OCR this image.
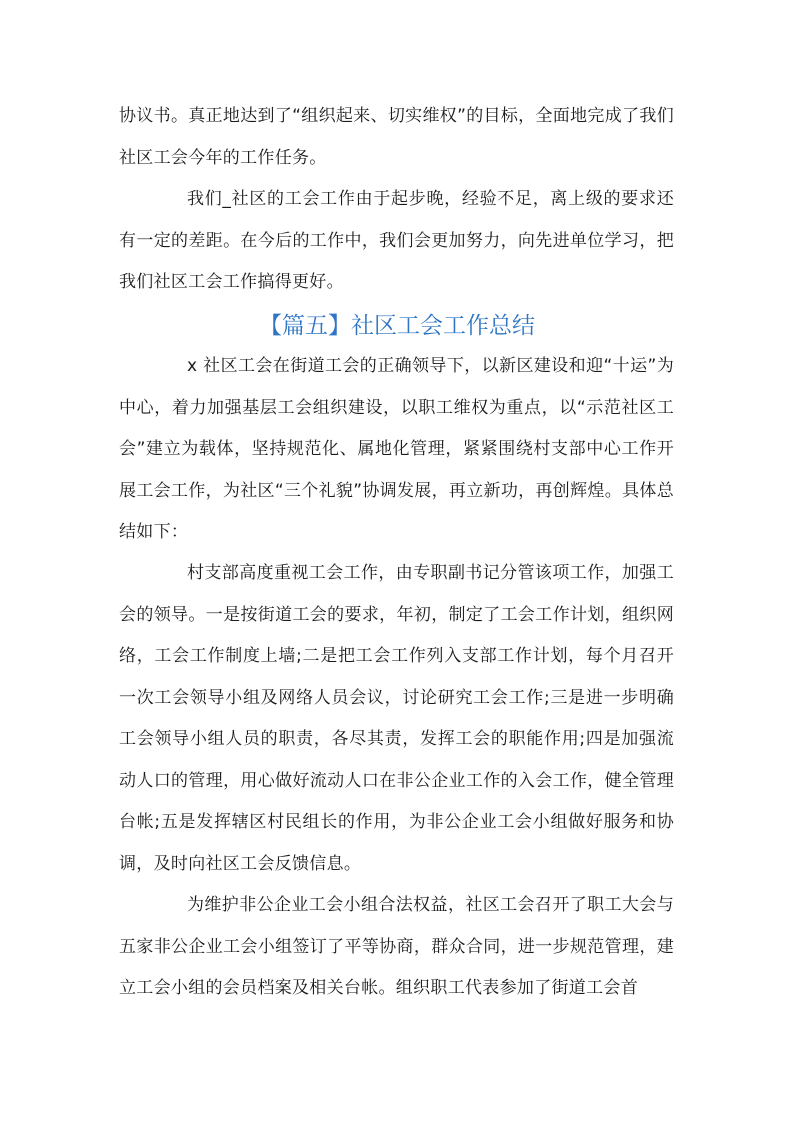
协议书。真正地达到了“组织起来、切实维权”的目标，全面地完成了我们社区工会今年的工作任务。

我们_社区的工会工作由于起步晚，经验不足，离上级的要求还有一定的差距。在今后的工作中，我们会更加努力，向先进单位学习，把我们社区工会工作搞得更好。

【篇五】社区工会工作总结

x 社区工会在街道工会的正确领导下，以新区建设和迎“十运”为中心，着力加强基层工会组织建设，以职工维权为重点，以“示范社区工会”建立为载体，坚持规范化、属地化管理，紧紧围绕村支部中心工作开展工会工作，为社区“三个礼貌”协调发展，再立新功，再创辉煌。具体总结如下：

村支部高度重视工会工作，由专职副书记分管该项工作，加强工会的领导。一是按街道工会的要求，年初，制定了工会工作计划，组织网络，工会工作制度上墙;二是把工会工作列入支部工作计划，每个月召开一次工会领导小组及网络人员会议，讨论研究工会工作;三是进一步明确工会领导小组人员的职责，各尽其责，发挥工会的职能作用;四是加强流动人口的管理，用心做好流动人口在非公企业工作的入会工作，健全管理台帐;五是发挥辖区村民组长的作用，为非公企业工会小组做好服务和协调，及时向社区工会反馈信息。

为维护非公企业工会小组合法权益，社区工会召开了职工大会与五家非公企业工会小组签订了平等协商，群众合同，进一步规范管理，建立工会小组的会员档案及相关台帐。组织职工代表参加了街道工会首
